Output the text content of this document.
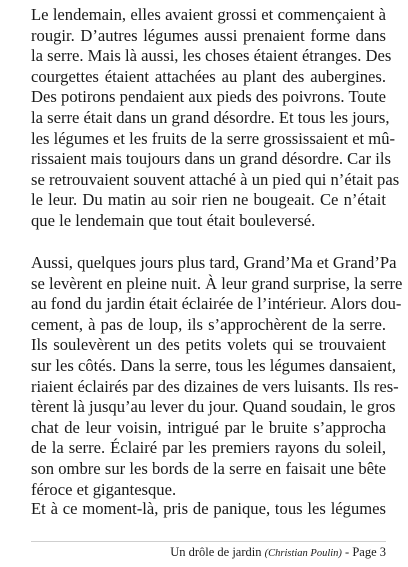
Le lendemain, elles avaient grossi et commençaient à
rougir. D’autres légumes aussi prenaient forme dans
la serre. Mais là aussi, les choses étaient étranges. Des
courgettes étaient attachées au plant des aubergines.
Des potirons pendaient aux pieds des poivrons. Toute
la serre était dans un grand désordre. Et tous les jours,
les légumes et les fruits de la serre grossissaient et mû-
rissaient mais toujours dans un grand désordre. Car ils
se retrouvaient souvent attaché à un pied qui n’était pas
le leur. Du matin au soir rien ne bougeait. Ce n’était
que le lendemain que tout était bouleversé.
Aussi, quelques jours plus tard, Grand’Ma et Grand’Pa
se levèrent en pleine nuit. À leur grand surprise, la serre
au fond du jardin était éclairée de l’intérieur. Alors dou-
cement, à pas de loup, ils s’approchèrent de la serre.
Ils soulevèrent un des petits volets qui se trouvaient
sur les côtés. Dans la serre, tous les légumes dansaient,
riaient éclairés par des dizaines de vers luisants. Ils res-
tèrent là jusqu’au lever du jour. Quand soudain, le gros
chat de leur voisin, intrigué par le bruite s’approcha
de la serre. Éclairé par les premiers rayons du soleil,
son ombre sur les bords de la serre en faisait une bête
féroce et gigantesque.
Et à ce moment-là, pris de panique, tous les légumes
Un drôle de jardin (Christian Poulin) - Page 3
